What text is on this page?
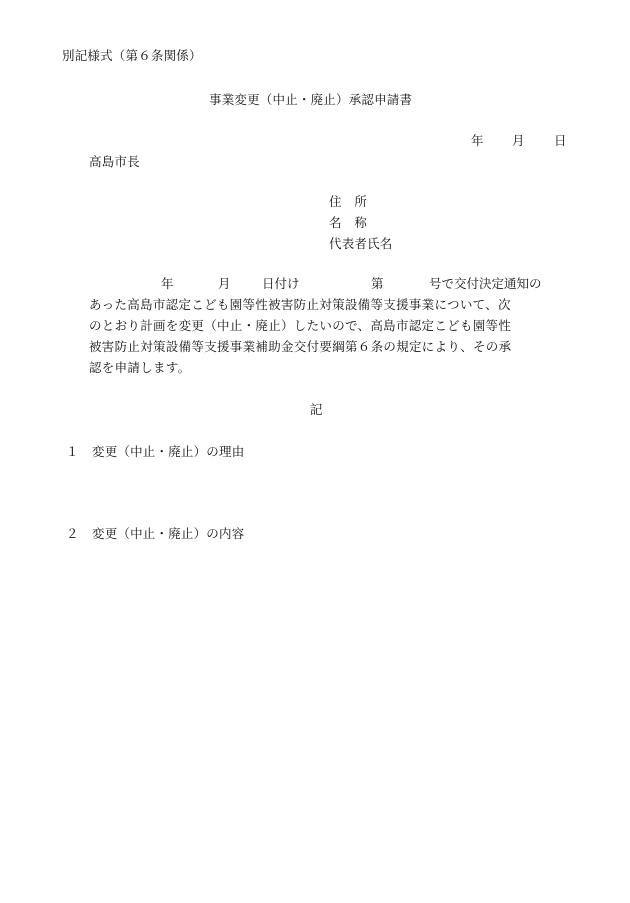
別記様式（第６条関係）
事業変更（中止・廃止）承認申請書
年 月 日
高島市長
住　所
名　称
代表者氏名
年	月	日付け	第	号で交付決定通知の
あった高島市認定こども園等性被害防止対策設備等支援事業について、次
のとおり計画を変更（中止・廃止）したいので、高島市認定こども園等性
被害防止対策設備等支援事業補助金交付要綱第６条の規定により、その承
認を申請します。
記
１ 変更（中止・廃止）の理由
２ 変更（中止・廃止）の内容
